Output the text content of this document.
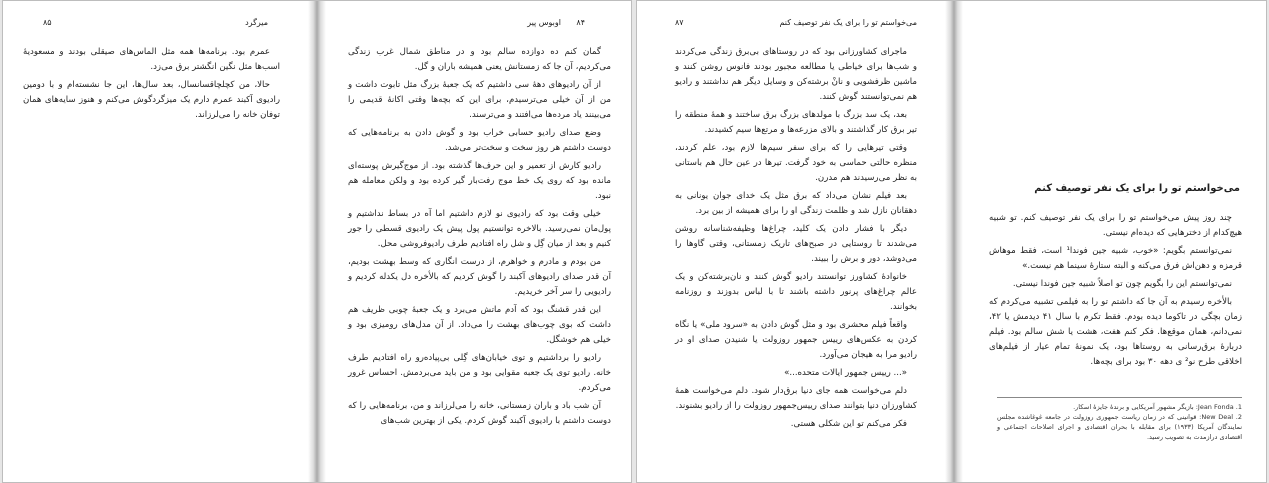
۸۵	میرگرد

عمرم بود. برنامه‌ها همه مثل الماس‌های صیقلی بودند و مسعودیهٔ اسب‌ها مثل نگین انگشتر برق می‌زد.

حالا، من کچلچاقسانسال، بعد سال‌ها، این جا نشسته‌ام و با دومین رادیوی آکبند عمرم دارم یک میزگردگوش می‌کنم و هنوز سایه‌های همان توفان خانه را می‌لرزاند.

۸۴
اوبوس پیر

گمان کنم ده دوازده سالم بود و در مناطق شمال غرب زندگی می‌کردیم، آن جا که زمستانش یعنی همیشه باران و گل.

از آن رادیوهای دههٔ سی داشتیم که یک جعبهٔ بزرگ مثل تابوت داشت و من از آن خیلی می‌ترسیدم، برای این که بچه‌ها وقتی اکانهٔ قدیمی را می‌بینند یاد مرده‌ها می‌افتند و می‌ترسند.

وضع صدای رادیو حسابی خراب بود و گوش دادن به برنامه‌هایی که دوست داشتم هر روز سخت و سخت‌تر می‌شد.

رادیو کارش از تعمیر و این حرف‌ها گذشته بود. از موج‌گیرش پوسته‌ای مانده بود که روی یک خط موج رفت‌بار گیر کرده بود و ولکن معامله هم نبود.

خیلی وقت بود که رادیوی نو لازم داشتیم اما آه در بساط نداشتیم و پول‌مان نمی‌رسید. بالاخره توانستیم پول پیش یک رادیوی قسطی را جور کنیم و بعد از میان گِل و شل راه افتادیم طرف رادیوفروشی محل.

من بودم و مادرم و خواهرم، از درست انگاری که وسط بهشت بودیم، آن قدر صدای رادیوهای آکبند را گوش کردیم که بالأخره دل یکدله کردیم و رادیویی را سر آخر خریدیم.

این قدر قشنگ بود که آدم ماتش می‌برد و یک جعبهٔ چوبی ظریف هم داشت که بوی چوب‌های بهشت را می‌داد. از آن مدل‌های رومیزی بود و خیلی هم خوشگل.

رادیو را برداشتیم و توی خیابان‌های گِلی بی‌پیاده‌رو راه افتادیم طرف خانه. رادیو توی یک جعبه مقوایی بود و من باید می‌بردمش. احساس غرور می‌کردم.

آن شب باد و باران زمستانی، خانه را می‌لرزاند و من، برنامه‌هایی را که دوست داشتم با رادیوی آکبند گوش کردم. یکی از بهترین شب‌های

۸۷	می‌خواستم تو را برای یک نفر توصیف کنم

ماجرای کشاورزانی بود که در روستاهای بی‌برق زندگی می‌کردند و شب‌ها برای خیاطی یا مطالعه مجبور بودند فانوس روشن کنند و ماشین ظرفشویی و نانْ برشته‌کن و وسایل دیگر هم نداشتند و رادیو هم نمی‌توانستند گوش کنند.

بعد، یک سد بزرگ با مولدهای بزرگ برق ساختند و همهٔ منطقه را تیر برق کار گذاشتند و بالای مزرعه‌ها و مرتع‌ها سیم کشیدند.

وقتی تیرهایی را که برای سفر سیم‌ها لازم بود، علم کردند، منظره حالتی حماسی به خود گرفت. تیرها در عین حال هم باستانی به نظر می‌رسیدند هم مدرن.

بعد فیلم نشان می‌داد که برق مثل یک خدای جوان یونانی به دهقانان نازل شد و ظلمت زندگی او را برای همیشه از بین برد.

دیگر با فشار دادن یک کلید، چراغ‌ها وظیفه‌شناسانه روشن می‌شدند تا روستایی در صبح‌های تاریک زمستانی، وقتی گاوها را می‌دوشد، دور و برش را ببیند.

خانوادهٔ کشاورز توانستند رادیو گوش کنند و نان‌برشته‌کن و یک عالم چراغ‌های پرنور داشته باشند تا با لباس بدوزند و روزنامه بخوانند.

واقعاً فیلم محشری بود و مثل گوش دادن به «سرود ملی» یا نگاه کردن به عکس‌های رییس جمهور روزولت یا شنیدن صدای او در رادیو مرا به هیجان می‌آورد.

«... رییس جمهور ایالات متحده...»

دلم می‌خواست همه جای دنیا برق‌دار شود. دلم می‌خواست همهٔ کشاورزان دنیا بتوانند صدای رییس‌جمهور روزولت را از رادیو بشنوند.

فکر می‌کنم تو این شکلی هستی.

می‌خواستم تو را برای یک نفر توصیف کنم

چند روز پیش می‌خواستم تو را برای یک نفر توصیف کنم. تو شبیه هیچ‌کدام از دخترهایی که دیده‌ام نیستی.

نمی‌توانستم بگویم: «خوب، شبیه جین فوندا¹ است، فقط موهاش قرمزه و دهن‌اش فرق می‌کنه و البته ستارهٔ سینما هم نیست.»

نمی‌توانستم این را بگویم چون تو اصلاً شبیه جین فوندا نیستی.

بالأخره رسیدم به آن جا که داشتم تو را به فیلمی تشبیه می‌کردم که زمان بچگی در تاکوما دیده بودم. فقط تکرم با سال ۴۱ دیدمش یا ۴۲، نمی‌دانم، همان موقع‌ها. فکر کنم هفت، هشت یا شش سالم بود. فیلم دربارهٔ برق‌رسانی به روستاها بود، یک نمونهٔ تمام عیار از فیلم‌های اخلاقی طرح نو² ی دهه ۳۰ بود برای بچه‌ها.

1. Jean Fonda: بازیگر مشهور آمریکایی و برندهٔ جایزهٔ اسکار.

2. New Deal: قوانینی که در زمان ریاست جمهوری روزولت در جامعه غوغاشده مجلس نمایندگان آمریکا (۱۹۳۳) برای مقابله با بحران اقتصادی و اجرای اصلاحات اجتماعی و اقتصادی درازمدت به تصویب رسید.
